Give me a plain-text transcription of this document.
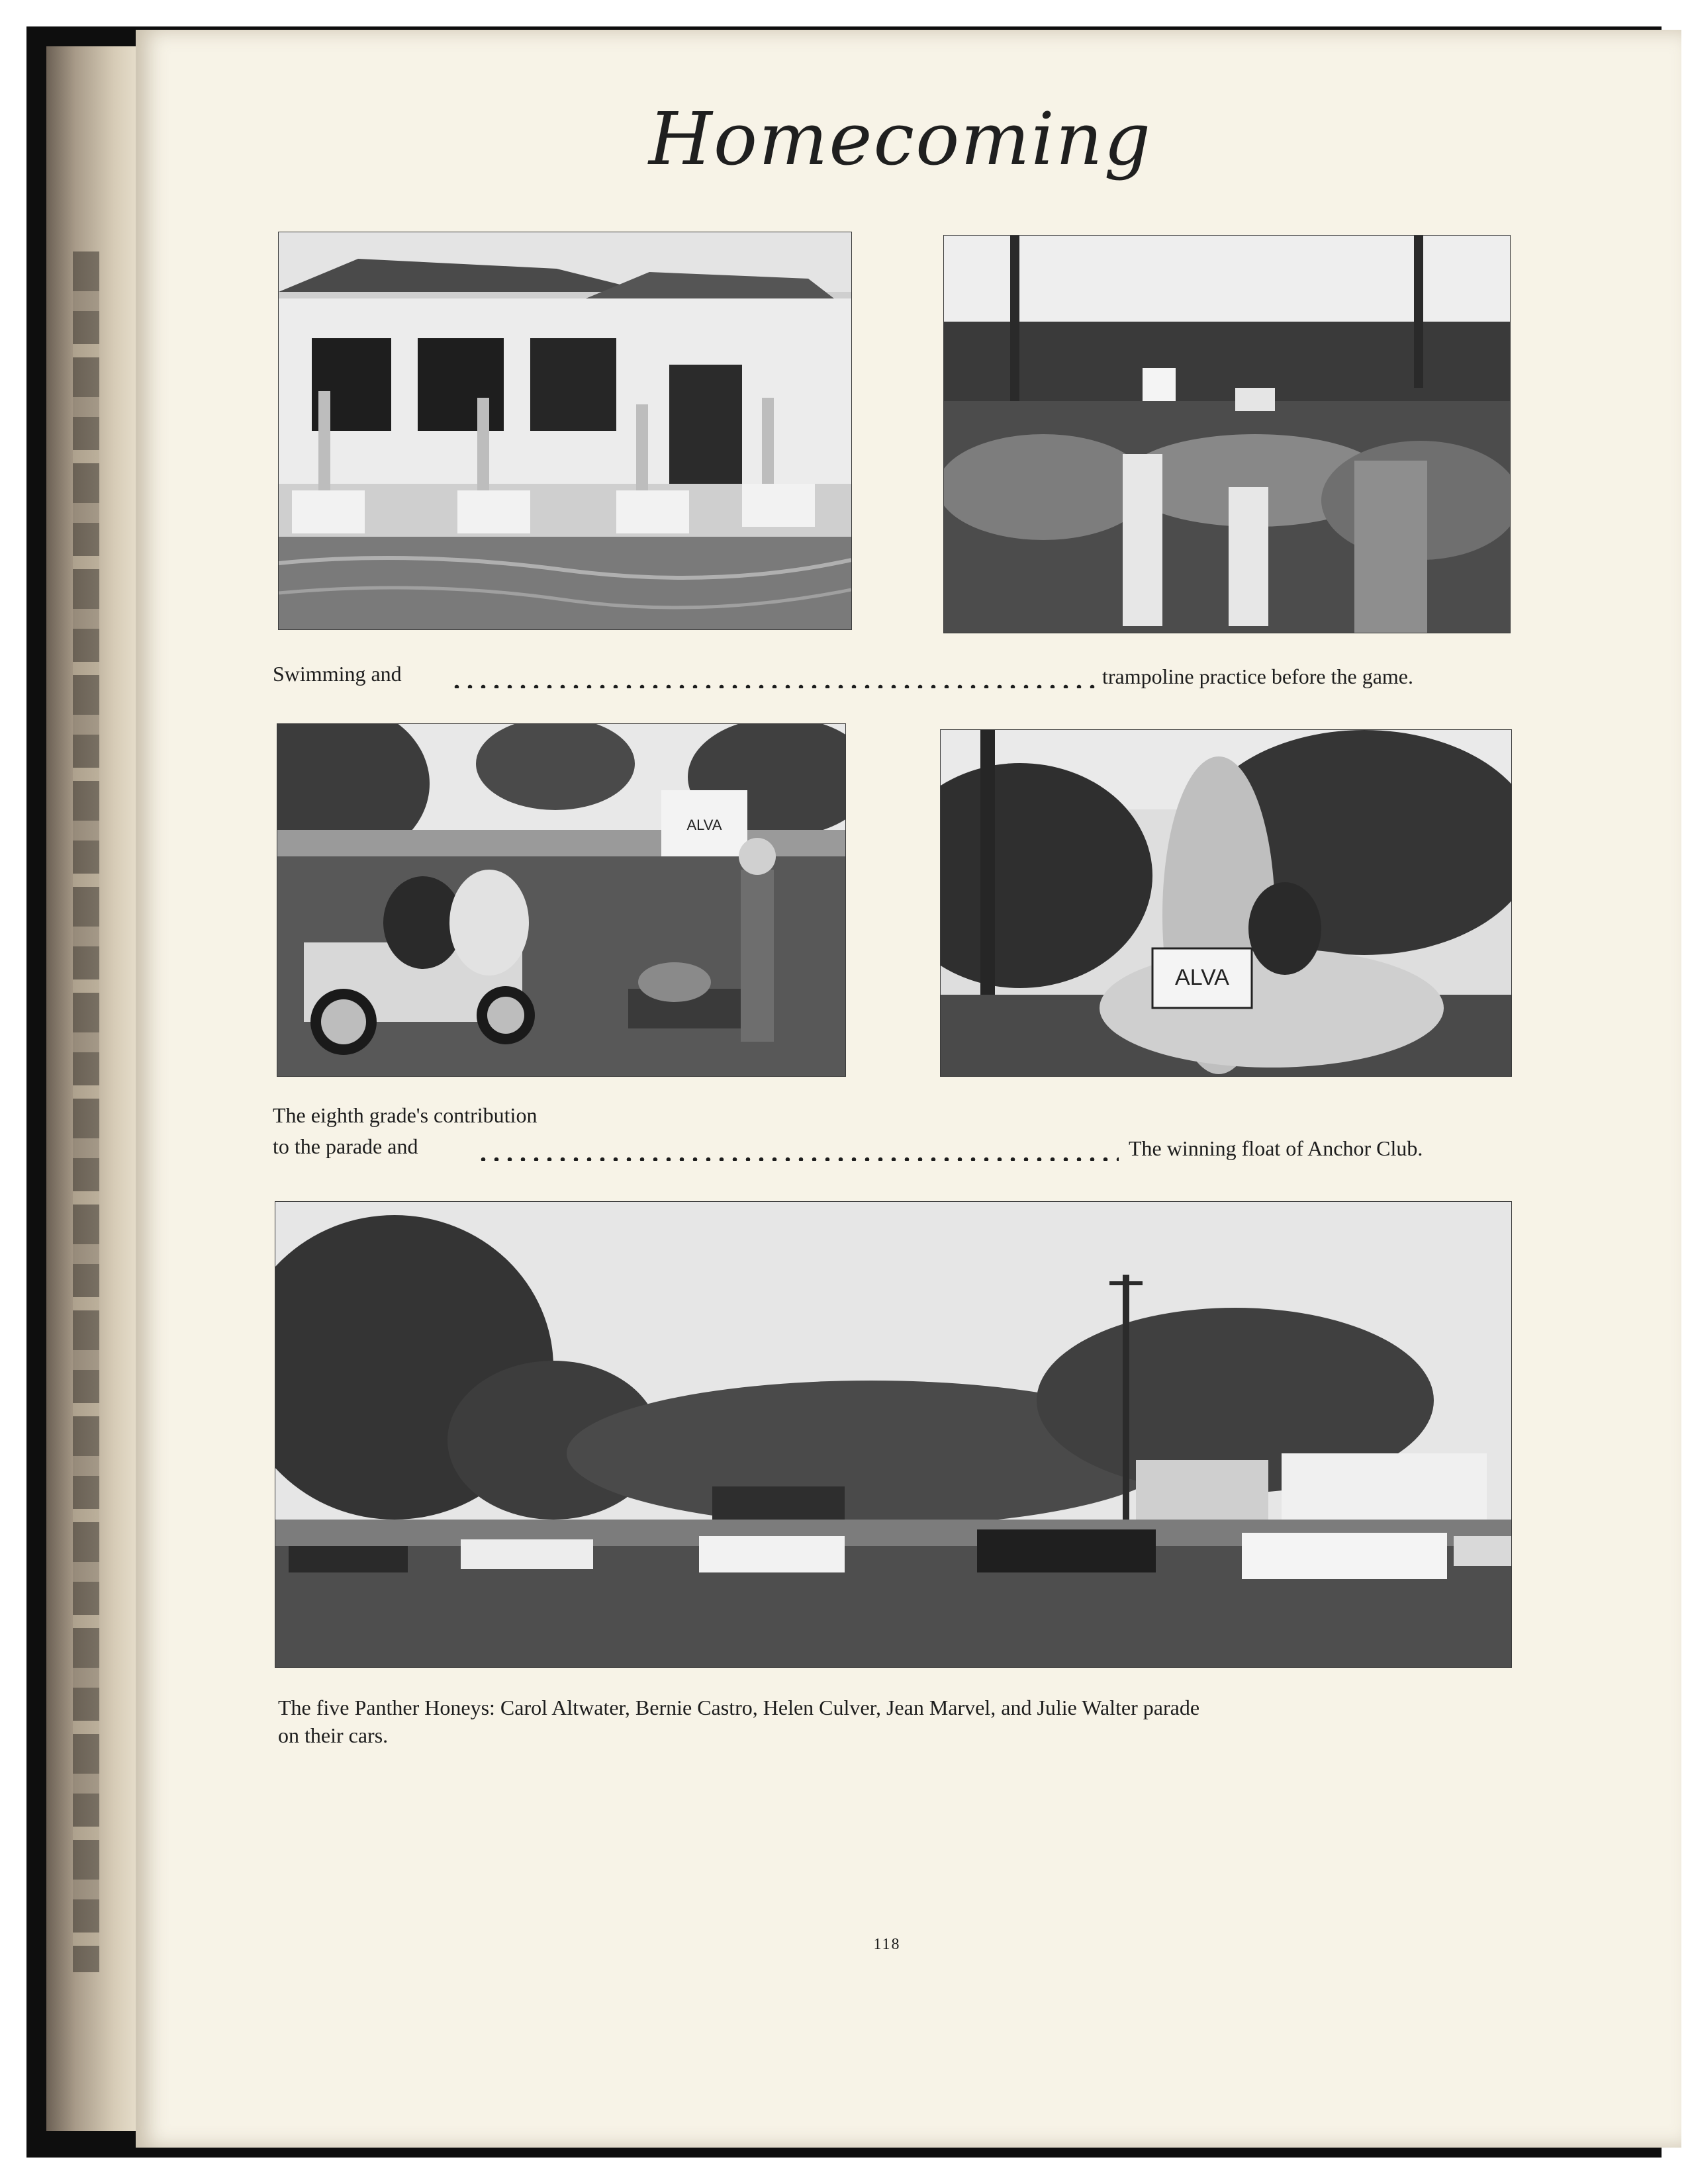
Homecoming
Swimming and	trampoline practice before the game.
ALVA
ALVA
The eighth grade's contribution
to the parade and	The winning float of Anchor Club.
The five Panther Honeys: Carol Altwater, Bernie Castro, Helen Culver, Jean Marvel, and Julie Walter parade
on their cars.
118
